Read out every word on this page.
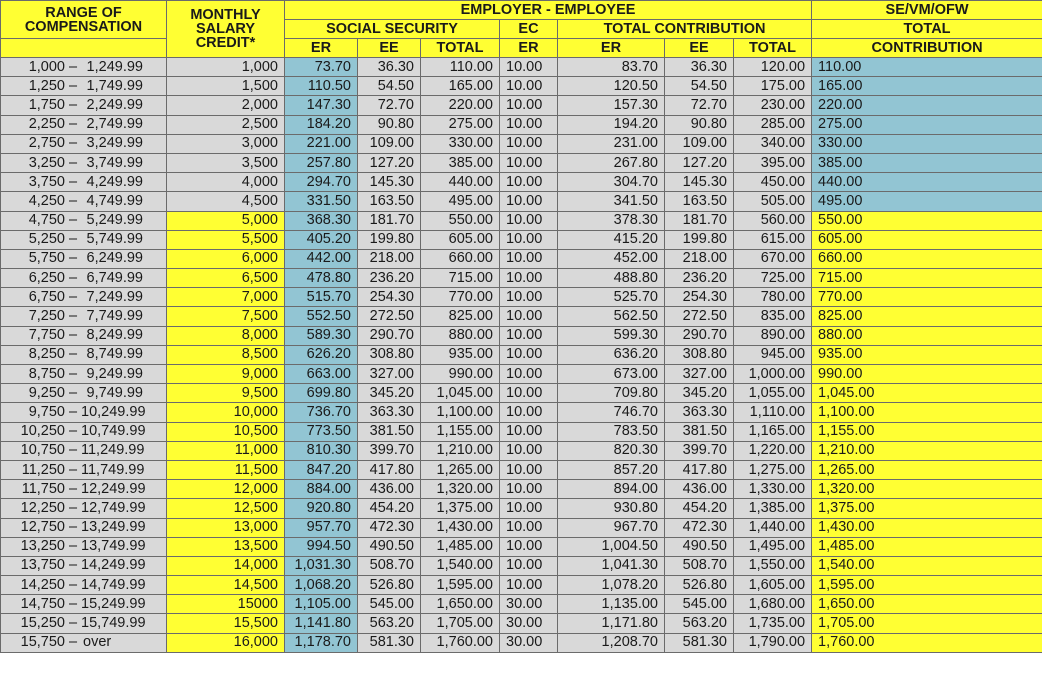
RANGE OF COMPENSATION	MONTHLY SALARY CREDIT*	EMPLOYER - EMPLOYEE							SE/VM/OFW
		SOCIAL SECURITY			EC	TOTAL CONTRIBUTION			TOTAL
		ER	EE	TOTAL	ER	ER	EE	TOTAL	CONTRIBUTION
1,000 – 1,249.99	1,000	73.70	36.30	110.00	10.00	83.70	36.30	120.00	110.00
1,250 – 1,749.99	1,500	110.50	54.50	165.00	10.00	120.50	54.50	175.00	165.00
1,750 – 2,249.99	2,000	147.30	72.70	220.00	10.00	157.30	72.70	230.00	220.00
2,250 – 2,749.99	2,500	184.20	90.80	275.00	10.00	194.20	90.80	285.00	275.00
2,750 – 3,249.99	3,000	221.00	109.00	330.00	10.00	231.00	109.00	340.00	330.00
3,250 – 3,749.99	3,500	257.80	127.20	385.00	10.00	267.80	127.20	395.00	385.00
3,750 – 4,249.99	4,000	294.70	145.30	440.00	10.00	304.70	145.30	450.00	440.00
4,250 – 4,749.99	4,500	331.50	163.50	495.00	10.00	341.50	163.50	505.00	495.00
4,750 – 5,249.99	5,000	368.30	181.70	550.00	10.00	378.30	181.70	560.00	550.00
5,250 – 5,749.99	5,500	405.20	199.80	605.00	10.00	415.20	199.80	615.00	605.00
5,750 – 6,249.99	6,000	442.00	218.00	660.00	10.00	452.00	218.00	670.00	660.00
6,250 – 6,749.99	6,500	478.80	236.20	715.00	10.00	488.80	236.20	725.00	715.00
6,750 – 7,249.99	7,000	515.70	254.30	770.00	10.00	525.70	254.30	780.00	770.00
7,250 – 7,749.99	7,500	552.50	272.50	825.00	10.00	562.50	272.50	835.00	825.00
7,750 – 8,249.99	8,000	589.30	290.70	880.00	10.00	599.30	290.70	890.00	880.00
8,250 – 8,749.99	8,500	626.20	308.80	935.00	10.00	636.20	308.80	945.00	935.00
8,750 – 9,249.99	9,000	663.00	327.00	990.00	10.00	673.00	327.00	1,000.00	990.00
9,250 – 9,749.99	9,500	699.80	345.20	1,045.00	10.00	709.80	345.20	1,055.00	1,045.00
9,750 – 10,249.99	10,000	736.70	363.30	1,100.00	10.00	746.70	363.30	1,110.00	1,100.00
10,250 – 10,749.99	10,500	773.50	381.50	1,155.00	10.00	783.50	381.50	1,165.00	1,155.00
10,750 – 11,249.99	11,000	810.30	399.70	1,210.00	10.00	820.30	399.70	1,220.00	1,210.00
11,250 – 11,749.99	11,500	847.20	417.80	1,265.00	10.00	857.20	417.80	1,275.00	1,265.00
11,750 – 12,249.99	12,000	884.00	436.00	1,320.00	10.00	894.00	436.00	1,330.00	1,320.00
12,250 – 12,749.99	12,500	920.80	454.20	1,375.00	10.00	930.80	454.20	1,385.00	1,375.00
12,750 – 13,249.99	13,000	957.70	472.30	1,430.00	10.00	967.70	472.30	1,440.00	1,430.00
13,250 – 13,749.99	13,500	994.50	490.50	1,485.00	10.00	1,004.50	490.50	1,495.00	1,485.00
13,750 – 14,249.99	14,000	1,031.30	508.70	1,540.00	10.00	1,041.30	508.70	1,550.00	1,540.00
14,250 – 14,749.99	14,500	1,068.20	526.80	1,595.00	10.00	1,078.20	526.80	1,605.00	1,595.00
14,750 – 15,249.99	15000	1,105.00	545.00	1,650.00	30.00	1,135.00	545.00	1,680.00	1,650.00
15,250 – 15,749.99	15,500	1,141.80	563.20	1,705.00	30.00	1,171.80	563.20	1,735.00	1,705.00
15,750 – over	16,000	1,178.70	581.30	1,760.00	30.00	1,208.70	581.30	1,790.00	1,760.00
